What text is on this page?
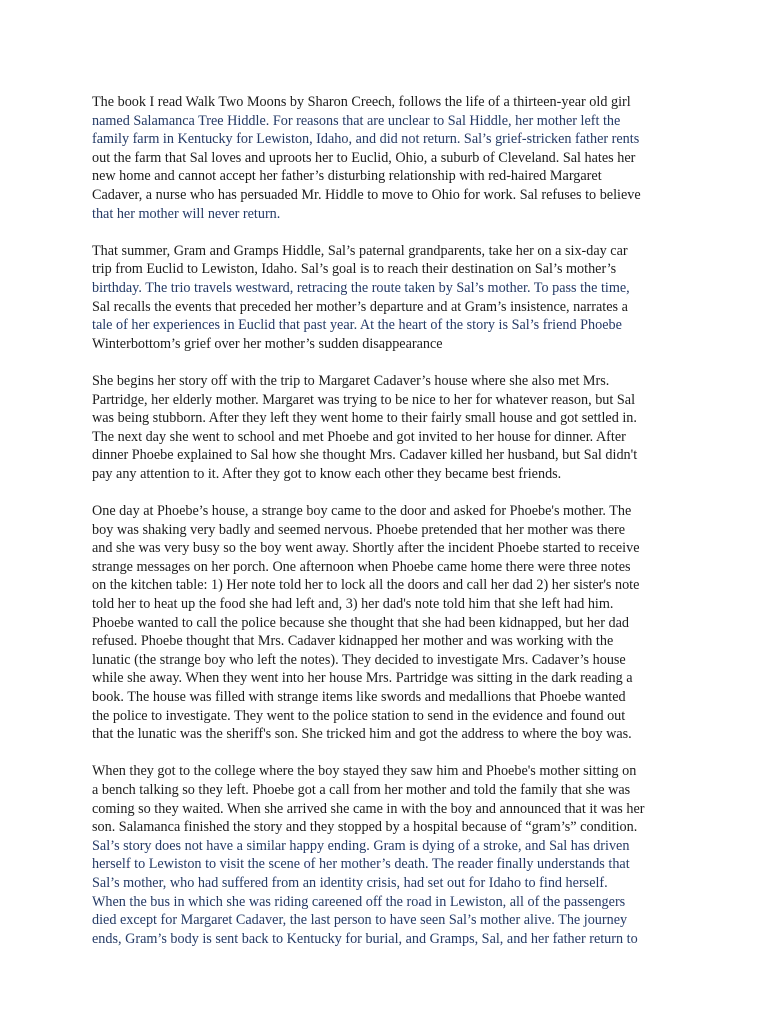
The book I read Walk Two Moons by Sharon Creech, follows the life of a thirteen-year old girl
named Salamanca Tree Hiddle. For reasons that are unclear to Sal Hiddle, her mother left the
family farm in Kentucky for Lewiston, Idaho, and did not return. Sal’s grief-stricken father rents
out the farm that Sal loves and uproots her to Euclid, Ohio, a suburb of Cleveland. Sal hates her
new home and cannot accept her father’s disturbing relationship with red-haired Margaret
Cadaver, a nurse who has persuaded Mr. Hiddle to move to Ohio for work. Sal refuses to believe
that her mother will never return.

That summer, Gram and Gramps Hiddle, Sal’s paternal grandparents, take her on a six-day car
trip from Euclid to Lewiston, Idaho. Sal’s goal is to reach their destination on Sal’s mother’s
birthday. The trio travels westward, retracing the route taken by Sal’s mother. To pass the time,
Sal recalls the events that preceded her mother’s departure and at Gram’s insistence, narrates a
tale of her experiences in Euclid that past year. At the heart of the story is Sal’s friend Phoebe
Winterbottom’s grief over her mother’s sudden disappearance

She begins her story off with the trip to Margaret Cadaver’s house where she also met Mrs.
Partridge, her elderly mother. Margaret was trying to be nice to her for whatever reason, but Sal
was being stubborn. After they left they went home to their fairly small house and got settled in.
The next day she went to school and met Phoebe and got invited to her house for dinner. After
dinner Phoebe explained to Sal how she thought Mrs. Cadaver killed her husband, but Sal didn't
pay any attention to it. After they got to know each other they became best friends.

One day at Phoebe’s house, a strange boy came to the door and asked for Phoebe's mother. The
boy was shaking very badly and seemed nervous. Phoebe pretended that her mother was there
and she was very busy so the boy went away. Shortly after the incident Phoebe started to receive
strange messages on her porch. One afternoon when Phoebe came home there were three notes
on the kitchen table: 1) Her note told her to lock all the doors and call her dad 2) her sister's note
told her to heat up the food she had left and, 3) her dad's note told him that she left had him.
Phoebe wanted to call the police because she thought that she had been kidnapped, but her dad
refused. Phoebe thought that Mrs. Cadaver kidnapped her mother and was working with the
lunatic (the strange boy who left the notes). They decided to investigate Mrs. Cadaver’s house
while she away. When they went into her house Mrs. Partridge was sitting in the dark reading a
book. The house was filled with strange items like swords and medallions that Phoebe wanted
the police to investigate. They went to the police station to send in the evidence and found out
that the lunatic was the sheriff's son. She tricked him and got the address to where the boy was.

When they got to the college where the boy stayed they saw him and Phoebe's mother sitting on
a bench talking so they left. Phoebe got a call from her mother and told the family that she was
coming so they waited. When she arrived she came in with the boy and announced that it was her
son. Salamanca finished the story and they stopped by a hospital because of “gram’s” condition.
Sal’s story does not have a similar happy ending. Gram is dying of a stroke, and Sal has driven
herself to Lewiston to visit the scene of her mother’s death. The reader finally understands that
Sal’s mother, who had suffered from an identity crisis, had set out for Idaho to find herself.
When the bus in which she was riding careened off the road in Lewiston, all of the passengers
died except for Margaret Cadaver, the last person to have seen Sal’s mother alive. The journey
ends, Gram’s body is sent back to Kentucky for burial, and Gramps, Sal, and her father return to
